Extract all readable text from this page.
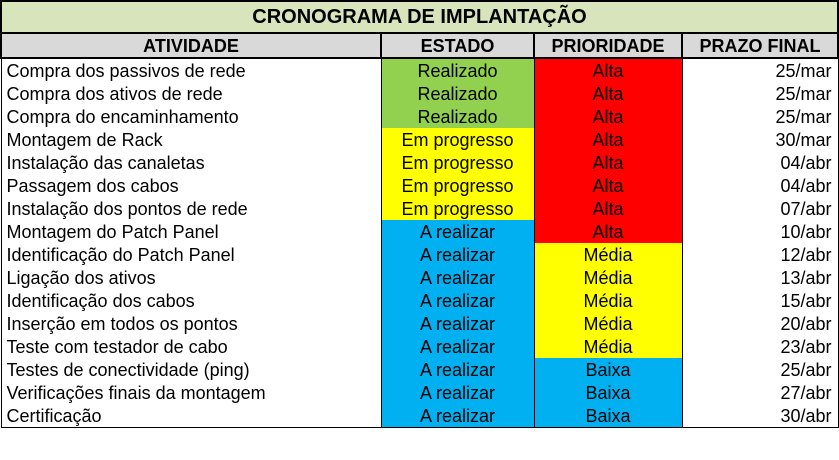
CRONOGRAMA DE IMPLANTAÇÃO			
ATIVIDADE	ESTADO	PRIORIDADE	PRAZO FINAL
Compra dos passivos de rede	Realizado	Alta	25/mar
Compra dos ativos de rede	Realizado	Alta	25/mar
Compra do encaminhamento	Realizado	Alta	25/mar
Montagem de Rack	Em progresso	Alta	30/mar
Instalação das canaletas	Em progresso	Alta	04/abr
Passagem dos cabos	Em progresso	Alta	04/abr
Instalação dos pontos de rede	Em progresso	Alta	07/abr
Montagem do Patch Panel	A realizar	Alta	10/abr
Identificação do Patch Panel	A realizar	Média	12/abr
Ligação dos ativos	A realizar	Média	13/abr
Identificação dos cabos	A realizar	Média	15/abr
Inserção em todos os pontos	A realizar	Média	20/abr
Teste com testador de cabo	A realizar	Média	23/abr
Testes de conectividade (ping)	A realizar	Baixa	25/abr
Verificações finais da montagem	A realizar	Baixa	27/abr
Certificação	A realizar	Baixa	30/abr
